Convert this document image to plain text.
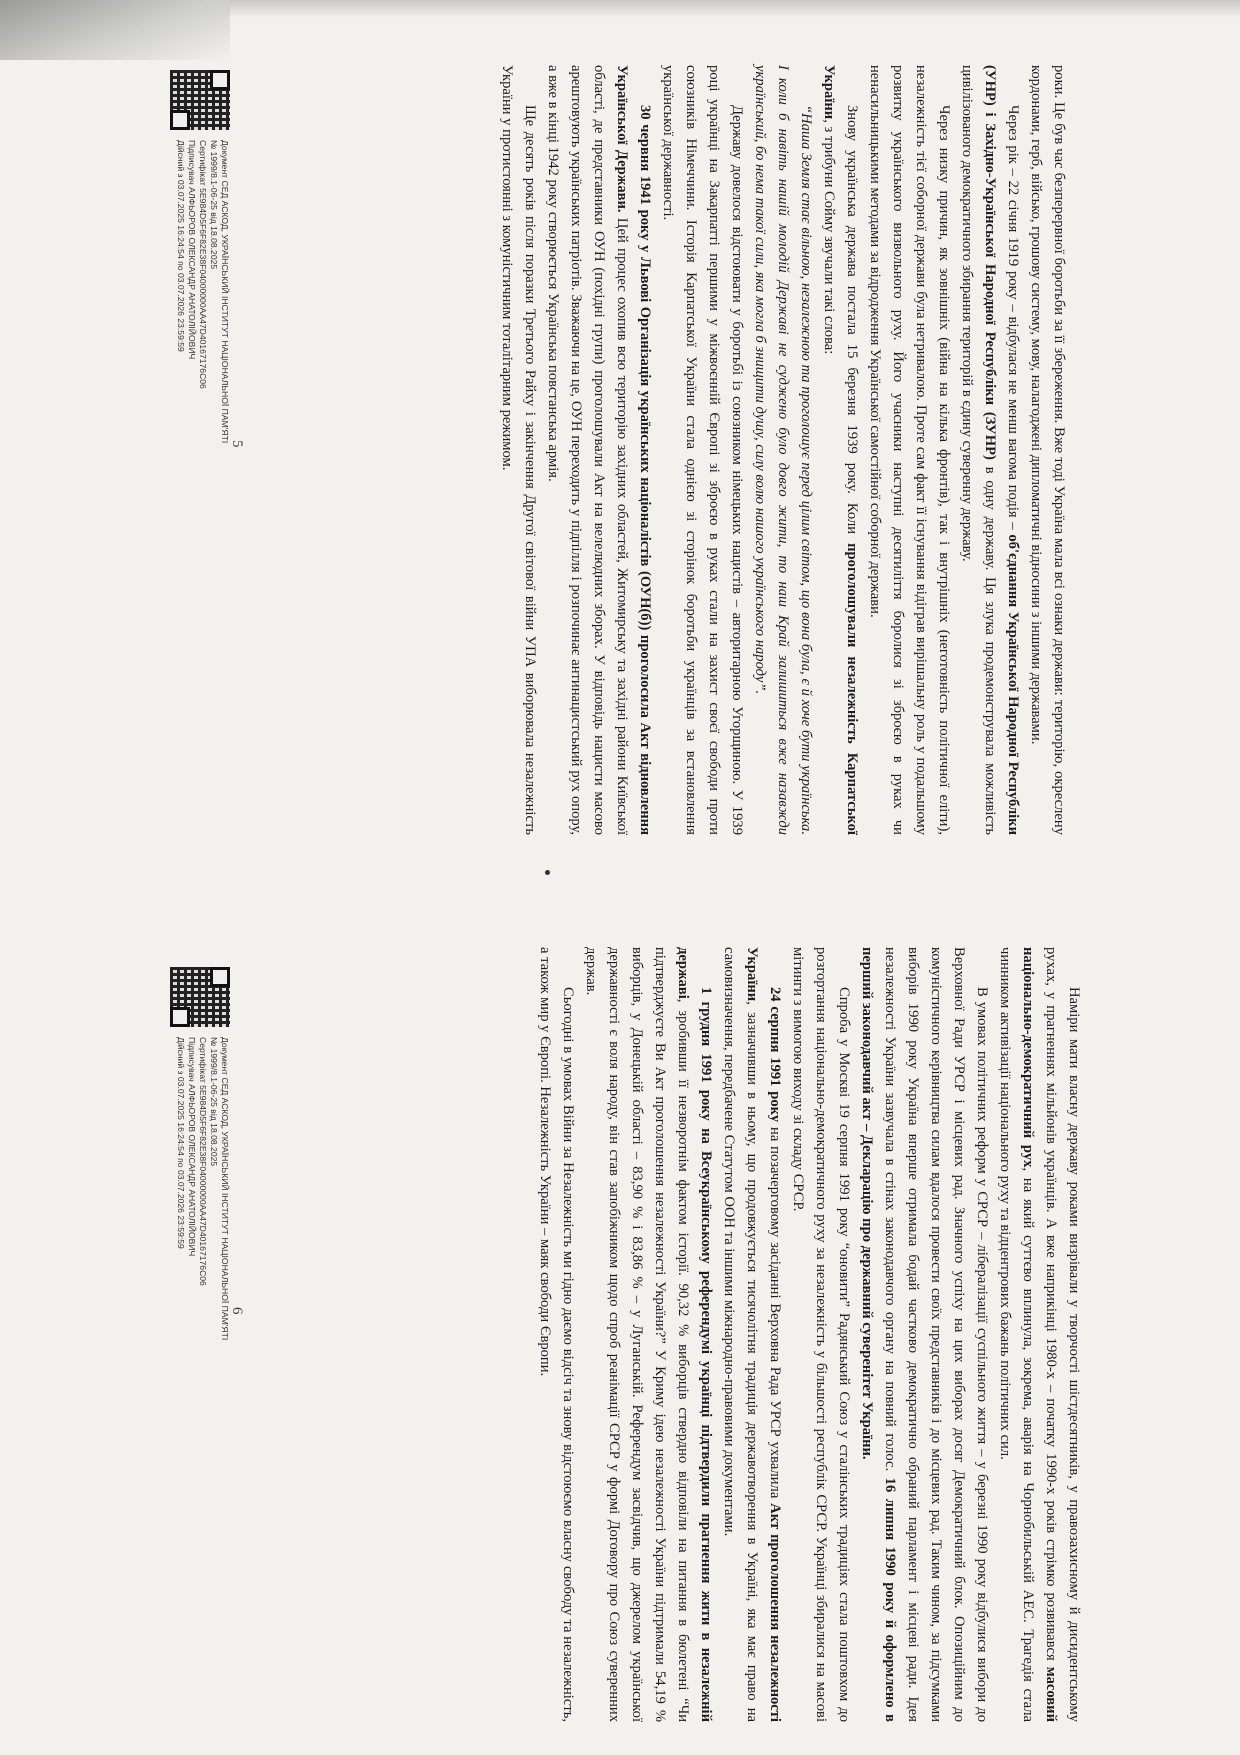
роки. Це був час безперервної боротьби за її збереження. Вже тоді Україна мала всі ознаки держави: територію, окреслену кордонами, герб, військо, грошову систему, мову, налагоджені дипломатичні відносини з іншими державами.

Через рік – 22 січня 1919 року – відбулася не менш вагома подія – об'єднання Української Народної Республіки (УНР) і Західно-Української Народної Республіки (ЗУНР) в одну державу. Ця злука продемонструвала можливість цивілізованого демократичного збирання територій в єдину суверенну державу.

Через низку причин, як зовнішніх (війна на кілька фронтів), так і внутрішніх (неготовність політичної еліти), незалежність тієї соборної держави була нетривалою. Проте сам факт її існування відіграв вирішальну роль у подальшому розвитку українського визвольного руху. Його учасники наступні десятиліття боролися зі зброєю в руках чи ненасильницькими методами за відродження Української самостійної соборної держави.

Знову українська держава постала 15 березня 1939 року. Коли проголошували незалежність Карпатської України, з трибуни Сойму звучали такі слова:

“Наша Земля стає вільною, незалежною та проголошує перед цілим світом, що вона була, є й хоче бути українська. І коли б навіть нашій молодій Державі не суджено було довго жити, то наш Край залишиться вже назавжди український, бо нема такої сили, яка могла б знищити душу, силу волю нашого українського народу”.

Державу довелося відстоювати у боротьбі із союзником німецьких нацистів – авторитарною Угорщиною. У 1939 році українці на Закарпатті першими у міжвоєнній Європі зі зброєю в руках стали на захист своєї свободи проти союзників Німеччини. Історія Карпатської України стала однією зі сторінок боротьби українців за встановлення української державності.

30 червня 1941 року у Львові Організація українських націоналістів (ОУН(б)) проголосила Акт відновлення Української Держави. Цей процес охопив всю територію західних областей, Житомирську та західні райони Київської області, де представники ОУН (похідні групи) проголошували Акт на велелюдних зборах. У відповідь нацисти масово арештовують українських патріотів. Зважаючи на це, ОУН переходить у підпілля і розпочинає антинацистський рух опору, а вже в кінці 1942 року створюється Українська повстанська армія.

Ще десять років після поразки Третього Райху і закінчення Другої світової війни УПА виборювала незалежність України у протистоянні з комуністичним тоталітарним режимом.

5
Документ СЕД АСКОД, УКРАЇНСЬКИЙ ІНСТИТУТ НАЦІОНАЛЬНОЇ ПАМ'ЯТІ
№ 1999/8.1-06-25 від 18.08.2025
Сертифікат 5E984D5F6F82E38F04000000AA47D40167176C06
Підписувач АЛФЬОРОВ ОЛЕКСАНДР АНАТОЛІЙОВИЧ
Дійсний з 03.07.2025 16:24:54 по 03.07.2026 23:59:59

Наміри мати власну державу роками визрівали у творчості шістдесятників, у правозахисному й дисидентському рухах, у прагненнях мільйонів українців. А вже наприкінці 1980-х – початку 1990-х років стрімко розвивався масовий національно-демократичний рух, на який суттєво вплинула, зокрема, аварія на Чорнобильській АЕС. Трагедія стала чинником активізації національного руху та відцентрових бажань політичних сил.

В умовах політичних реформ у СРСР – лібералізації суспільного життя – у березні 1990 року відбулися вибори до Верховної Ради УРСР і місцевих рад. Значного успіху на цих виборах досяг Демократичний блок. Опозиційним до комуністичного керівництва силам вдалося провести своїх представників і до місцевих рад. Таким чином, за підсумками виборів 1990 року Україна вперше отримала бодай частково демократично обраний парламент і місцеві ради. Ідея незалежності України зазвучала в стінах законодавчого органу на повний голос. 16 липня 1990 року й оформлено в перший законодавчий акт – Декларацію про державний суверенітет України.

Спроба у Москві 19 серпня 1991 року “оновити” Радянський Союз у сталінських традиціях стала поштовхом до розгортання національно-демократичного руху за незалежність у більшості республік СРСР. Українці збиралися на масові мітинги з вимогою виходу зі складу СРСР.

24 серпня 1991 року на позачерговому засіданні Верховна Рада УРСР ухвалила Акт проголошення незалежності України, зазначивши в ньому, що продовжується тисячолітня традиція державотворення в Україні, яка має право на самовизначення, передбачене Статутом ООН та іншими міжнародно-правовими документами.

1 грудня 1991 року на Всеукраїнському референдумі українці підтвердили прагнення жити в незалежній державі, зробивши її незворотнім фактом історії. 90,32 % виборців ствердно відповіли на питання в бюлетені “Чи підтверджуєте Ви Акт проголошення незалежності України?” У Криму ідею незалежності України підтримали 54,19 % виборців, у Донецькій області – 83,90 % і 83,86 % – у Луганській. Референдум засвідчив, що джерелом української державності є воля народу, він став запобіжником щодо спроб реанімації СРСР у формі Договору про Союз суверенних держав.

Сьогодні в умовах Війни за Незалежність ми гідно даємо відсіч та знову відстоюємо власну свободу та незалежність, а також мир у Європі. Незалежність України – маяк свободи Європи.

6
Документ СЕД АСКОД, УКРАЇНСЬКИЙ ІНСТИТУТ НАЦІОНАЛЬНОЇ ПАМ'ЯТІ
№ 1999/8.1-06-25 від 18.08.2025
Сертифікат 5E984D5F6F82E38F04000000AA47D40167176C06
Підписувач АЛФЬОРОВ ОЛЕКСАНДР АНАТОЛІЙОВИЧ
Дійсний з 03.07.2025 16:24:54 по 03.07.2026 23:59:59
